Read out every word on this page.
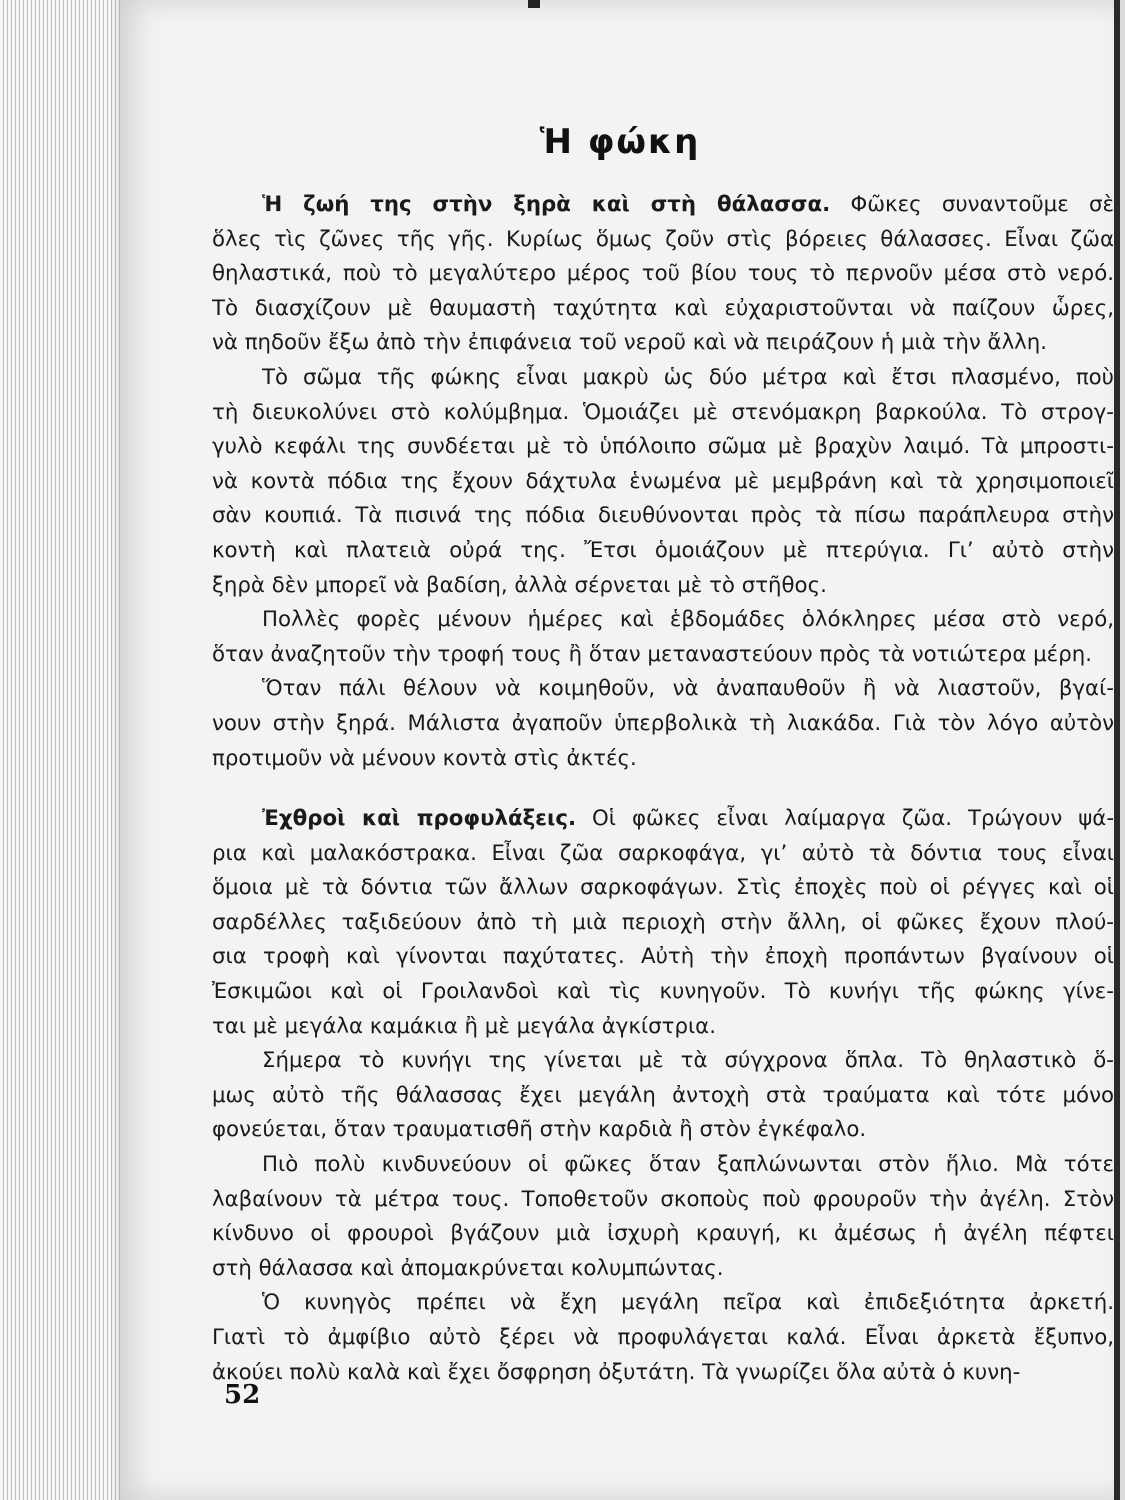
Ἡ φώκη

Ἡ ζωή της στὴν ξηρὰ καὶ στὴ θάλασσα. Φῶκες συναντοῦμε σὲ
ὅλες τὶς ζῶνες τῆς γῆς. Κυρίως ὅμως ζοῦν στὶς βόρειες θάλασσες. Εἶναι ζῶα
θηλαστικά, ποὺ τὸ μεγαλύτερο μέρος τοῦ βίου τους τὸ περνοῦν μέσα στὸ νερό.
Τὸ διασχίζουν μὲ θαυμαστὴ ταχύτητα καὶ εὐχαριστοῦνται νὰ παίζουν ὧρες,
νὰ πηδοῦν ἔξω ἀπὸ τὴν ἐπιφάνεια τοῦ νεροῦ καὶ νὰ πειράζουν ἡ μιὰ τὴν ἄλλη.

Τὸ σῶμα τῆς φώκης εἶναι μακρὺ ὡς δύο μέτρα καὶ ἔτσι πλασμένο, ποὺ
τὴ διευκολύνει στὸ κολύμβημα. Ὁμοιάζει μὲ στενόμακρη βαρκούλα. Τὸ στρογ-
γυλὸ κεφάλι της συνδέεται μὲ τὸ ὑπόλοιπο σῶμα μὲ βραχὺν λαιμό. Τὰ μπροστι-
νὰ κοντὰ πόδια της ἔχουν δάχτυλα ἑνωμένα μὲ μεμβράνη καὶ τὰ χρησιμοποιεῖ
σὰν κουπιά. Τὰ πισινά της πόδια διευθύνονται πρὸς τὰ πίσω παράπλευρα στὴν
κοντὴ καὶ πλατειὰ οὐρά της. Ἔτσι ὁμοιάζουν μὲ πτερύγια. Γι’ αὐτὸ στὴν
ξηρὰ δὲν μπορεῖ νὰ βαδίση, ἀλλὰ σέρνεται μὲ τὸ στῆθος.

Πολλὲς φορὲς μένουν ἡμέρες καὶ ἑβδομάδες ὁλόκληρες μέσα στὸ νερό,
ὅταν ἀναζητοῦν τὴν τροφή τους ἢ ὅταν μεταναστεύουν πρὸς τὰ νοτιώτερα μέρη.

Ὅταν πάλι θέλουν νὰ κοιμηθοῦν, νὰ ἀναπαυθοῦν ἢ νὰ λιαστοῦν, βγαί-
νουν στὴν ξηρά. Μάλιστα ἀγαποῦν ὑπερβολικὰ τὴ λιακάδα. Γιὰ τὸν λόγο αὐτὸν
προτιμοῦν νὰ μένουν κοντὰ στὶς ἀκτές.

Ἐχθροὶ καὶ προφυλάξεις. Οἱ φῶκες εἶναι λαίμαργα ζῶα. Τρώγουν ψά-
ρια καὶ μαλακόστρακα. Εἶναι ζῶα σαρκοφάγα, γι’ αὐτὸ τὰ δόντια τους εἶναι
ὅμοια μὲ τὰ δόντια τῶν ἄλλων σαρκοφάγων. Στὶς ἐποχὲς ποὺ οἱ ρέγγες καὶ οἱ
σαρδέλλες ταξιδεύουν ἀπὸ τὴ μιὰ περιοχὴ στὴν ἄλλη, οἱ φῶκες ἔχουν πλού-
σια τροφὴ καὶ γίνονται παχύτατες. Αὐτὴ τὴν ἐποχὴ προπάντων βγαίνουν οἱ
Ἐσκιμῶοι καὶ οἱ Γροιλανδοὶ καὶ τὶς κυνηγοῦν. Τὸ κυνήγι τῆς φώκης γίνε-
ται μὲ μεγάλα καμάκια ἢ μὲ μεγάλα ἀγκίστρια.

Σήμερα τὸ κυνήγι της γίνεται μὲ τὰ σύγχρονα ὅπλα. Τὸ θηλαστικὸ ὅ-
μως αὐτὸ τῆς θάλασσας ἔχει μεγάλη ἀντοχὴ στὰ τραύματα καὶ τότε μόνο
φονεύεται, ὅταν τραυματισθῆ στὴν καρδιὰ ἢ στὸν ἐγκέφαλο.

Πιὸ πολὺ κινδυνεύουν οἱ φῶκες ὅταν ξαπλώνωνται στὸν ἥλιο. Μὰ τότε
λαβαίνουν τὰ μέτρα τους. Τοποθετοῦν σκοποὺς ποὺ φρουροῦν τὴν ἀγέλη. Στὸν
κίνδυνο οἱ φρουροὶ βγάζουν μιὰ ἰσχυρὴ κραυγή, κι ἀμέσως ἡ ἀγέλη πέφτει
στὴ θάλασσα καὶ ἀπομακρύνεται κολυμπώντας.

Ὁ κυνηγὸς πρέπει νὰ ἔχη μεγάλη πεῖρα καὶ ἐπιδεξιότητα ἀρκετή.
Γιατὶ τὸ ἀμφίβιο αὐτὸ ξέρει νὰ προφυλάγεται καλά. Εἶναι ἀρκετὰ ἔξυπνο,
ἀκούει πολὺ καλὰ καὶ ἔχει ὄσφρηση ὀξυτάτη. Τὰ γνωρίζει ὅλα αὐτὰ ὁ κυνη-

52
